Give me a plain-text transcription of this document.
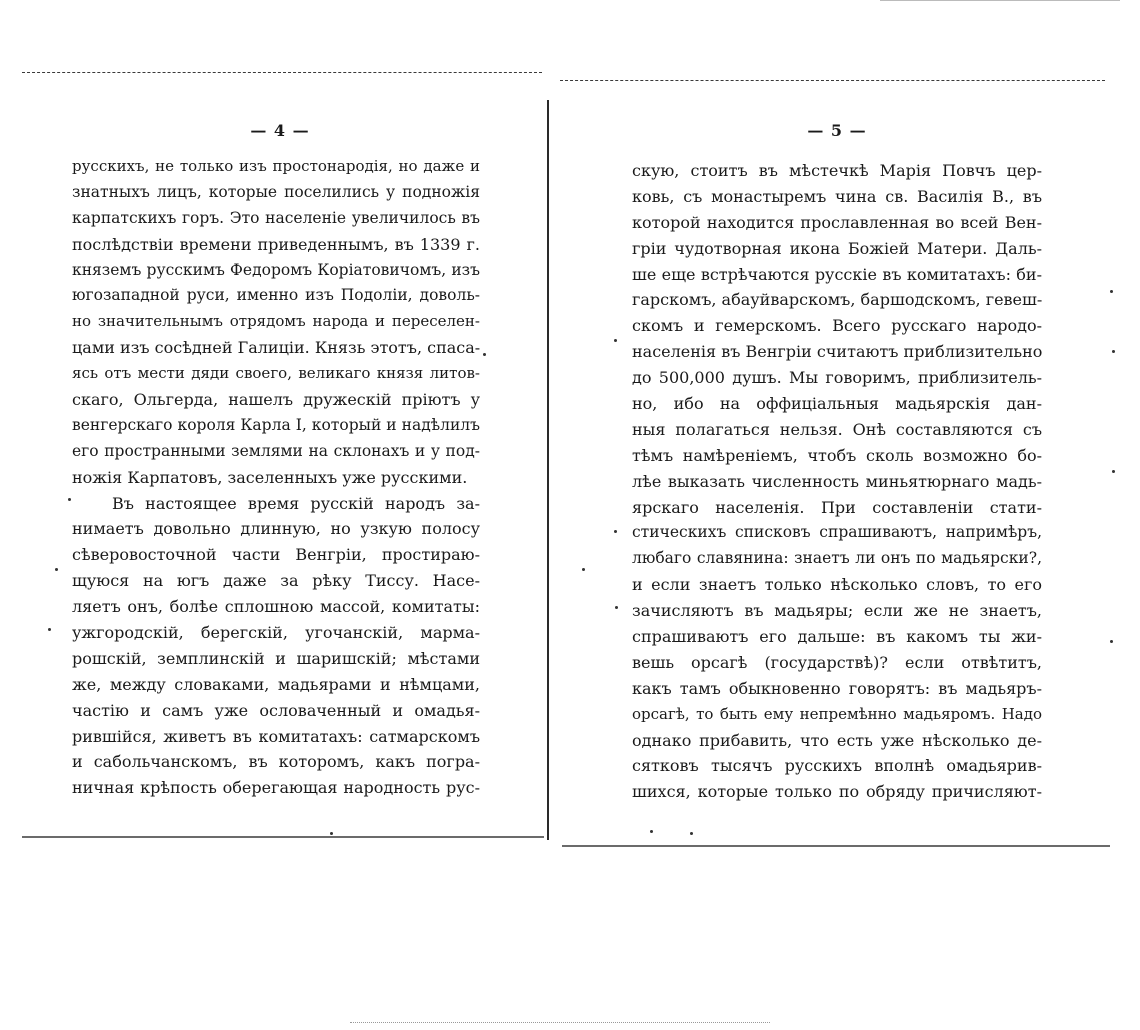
— 4 —
русскихъ, не только изъ простонародія, но даже и
знатныхъ лицъ, которые поселились у подножія
карпатскихъ горъ. Это населеніе увеличилось въ
послѣдствіи времени приведеннымъ, въ 1339 г.
княземъ русскимъ Федоромъ Коріатовичомъ, изъ
югозападной руси, именно изъ Подоліи, доволь-
но значительнымъ отрядомъ народа и переселен-
цами изъ сосѣдней Галиціи. Князь этотъ, спаса-
ясь отъ мести дяди своего, великаго князя литов-
скаго, Ольгерда, нашелъ дружескій пріютъ у
венгерскаго короля Карла I, который и надѣлилъ
его пространными землями на склонахъ и у под-
ножія Карпатовъ, заселенныхъ уже русскими.
Въ настоящее время русскій народъ за-
нимаетъ довольно длинную, но узкую полосу
сѣверовосточной части Венгріи, простираю-
щуюся на югъ даже за рѣку Тиссу. Насе-
ляетъ онъ, болѣе сплошною массой, комитаты:
ужгородскій, берегскій, угочанскій, марма-
рошскій, земплинскій и шаришскій; мѣстами
же, между словаками, мадьярами и нѣмцами,
частію и самъ уже ословаченный и омадья-
рившійся, живетъ въ комитатахъ: сатмарскомъ
и сабольчанскомъ, въ которомъ, какъ погра-
ничная крѣпость оберегающая народность рус-
— 5 —
скую, стоитъ въ мѣстечкѣ Марія Повчъ цер-
ковь, съ монастыремъ чина св. Василія В., въ
которой находится прославленная во всей Вен-
гріи чудотворная икона Божіей Матери. Даль-
ше еще встрѣчаются русскіе въ комитатахъ: би-
гарскомъ, абауйварскомъ, баршодскомъ, гевеш-
скомъ и гемерскомъ. Всего русскаго народо-
населенія въ Венгріи считаютъ приблизительно
до 500,000 душъ. Мы говоримъ, приблизитель-
но, ибо на оффиціальныя мадьярскія дан-
ныя полагаться нельзя. Онѣ составляются съ
тѣмъ намѣреніемъ, чтобъ сколь возможно бо-
лѣе выказать численность миньятюрнаго мадь-
ярскаго населенія. При составленіи стати-
стическихъ списковъ спрашиваютъ, напримѣръ,
любаго славянина: знаетъ ли онъ по мадьярски?,
и если знаетъ только нѣсколько словъ, то его
зачисляютъ въ мадьяры; если же не знаетъ,
спрашиваютъ его дальше: въ какомъ ты жи-
вешь орсагѣ (государствѣ)? если отвѣтитъ,
какъ тамъ обыкновенно говорятъ: въ мадьяръ-
орсагѣ, то быть ему непремѣнно мадьяромъ. Надо
однако прибавить, что есть уже нѣсколько де-
сятковъ тысячъ русскихъ вполнѣ омадьярив-
шихся, которые только по обряду причисляют-
